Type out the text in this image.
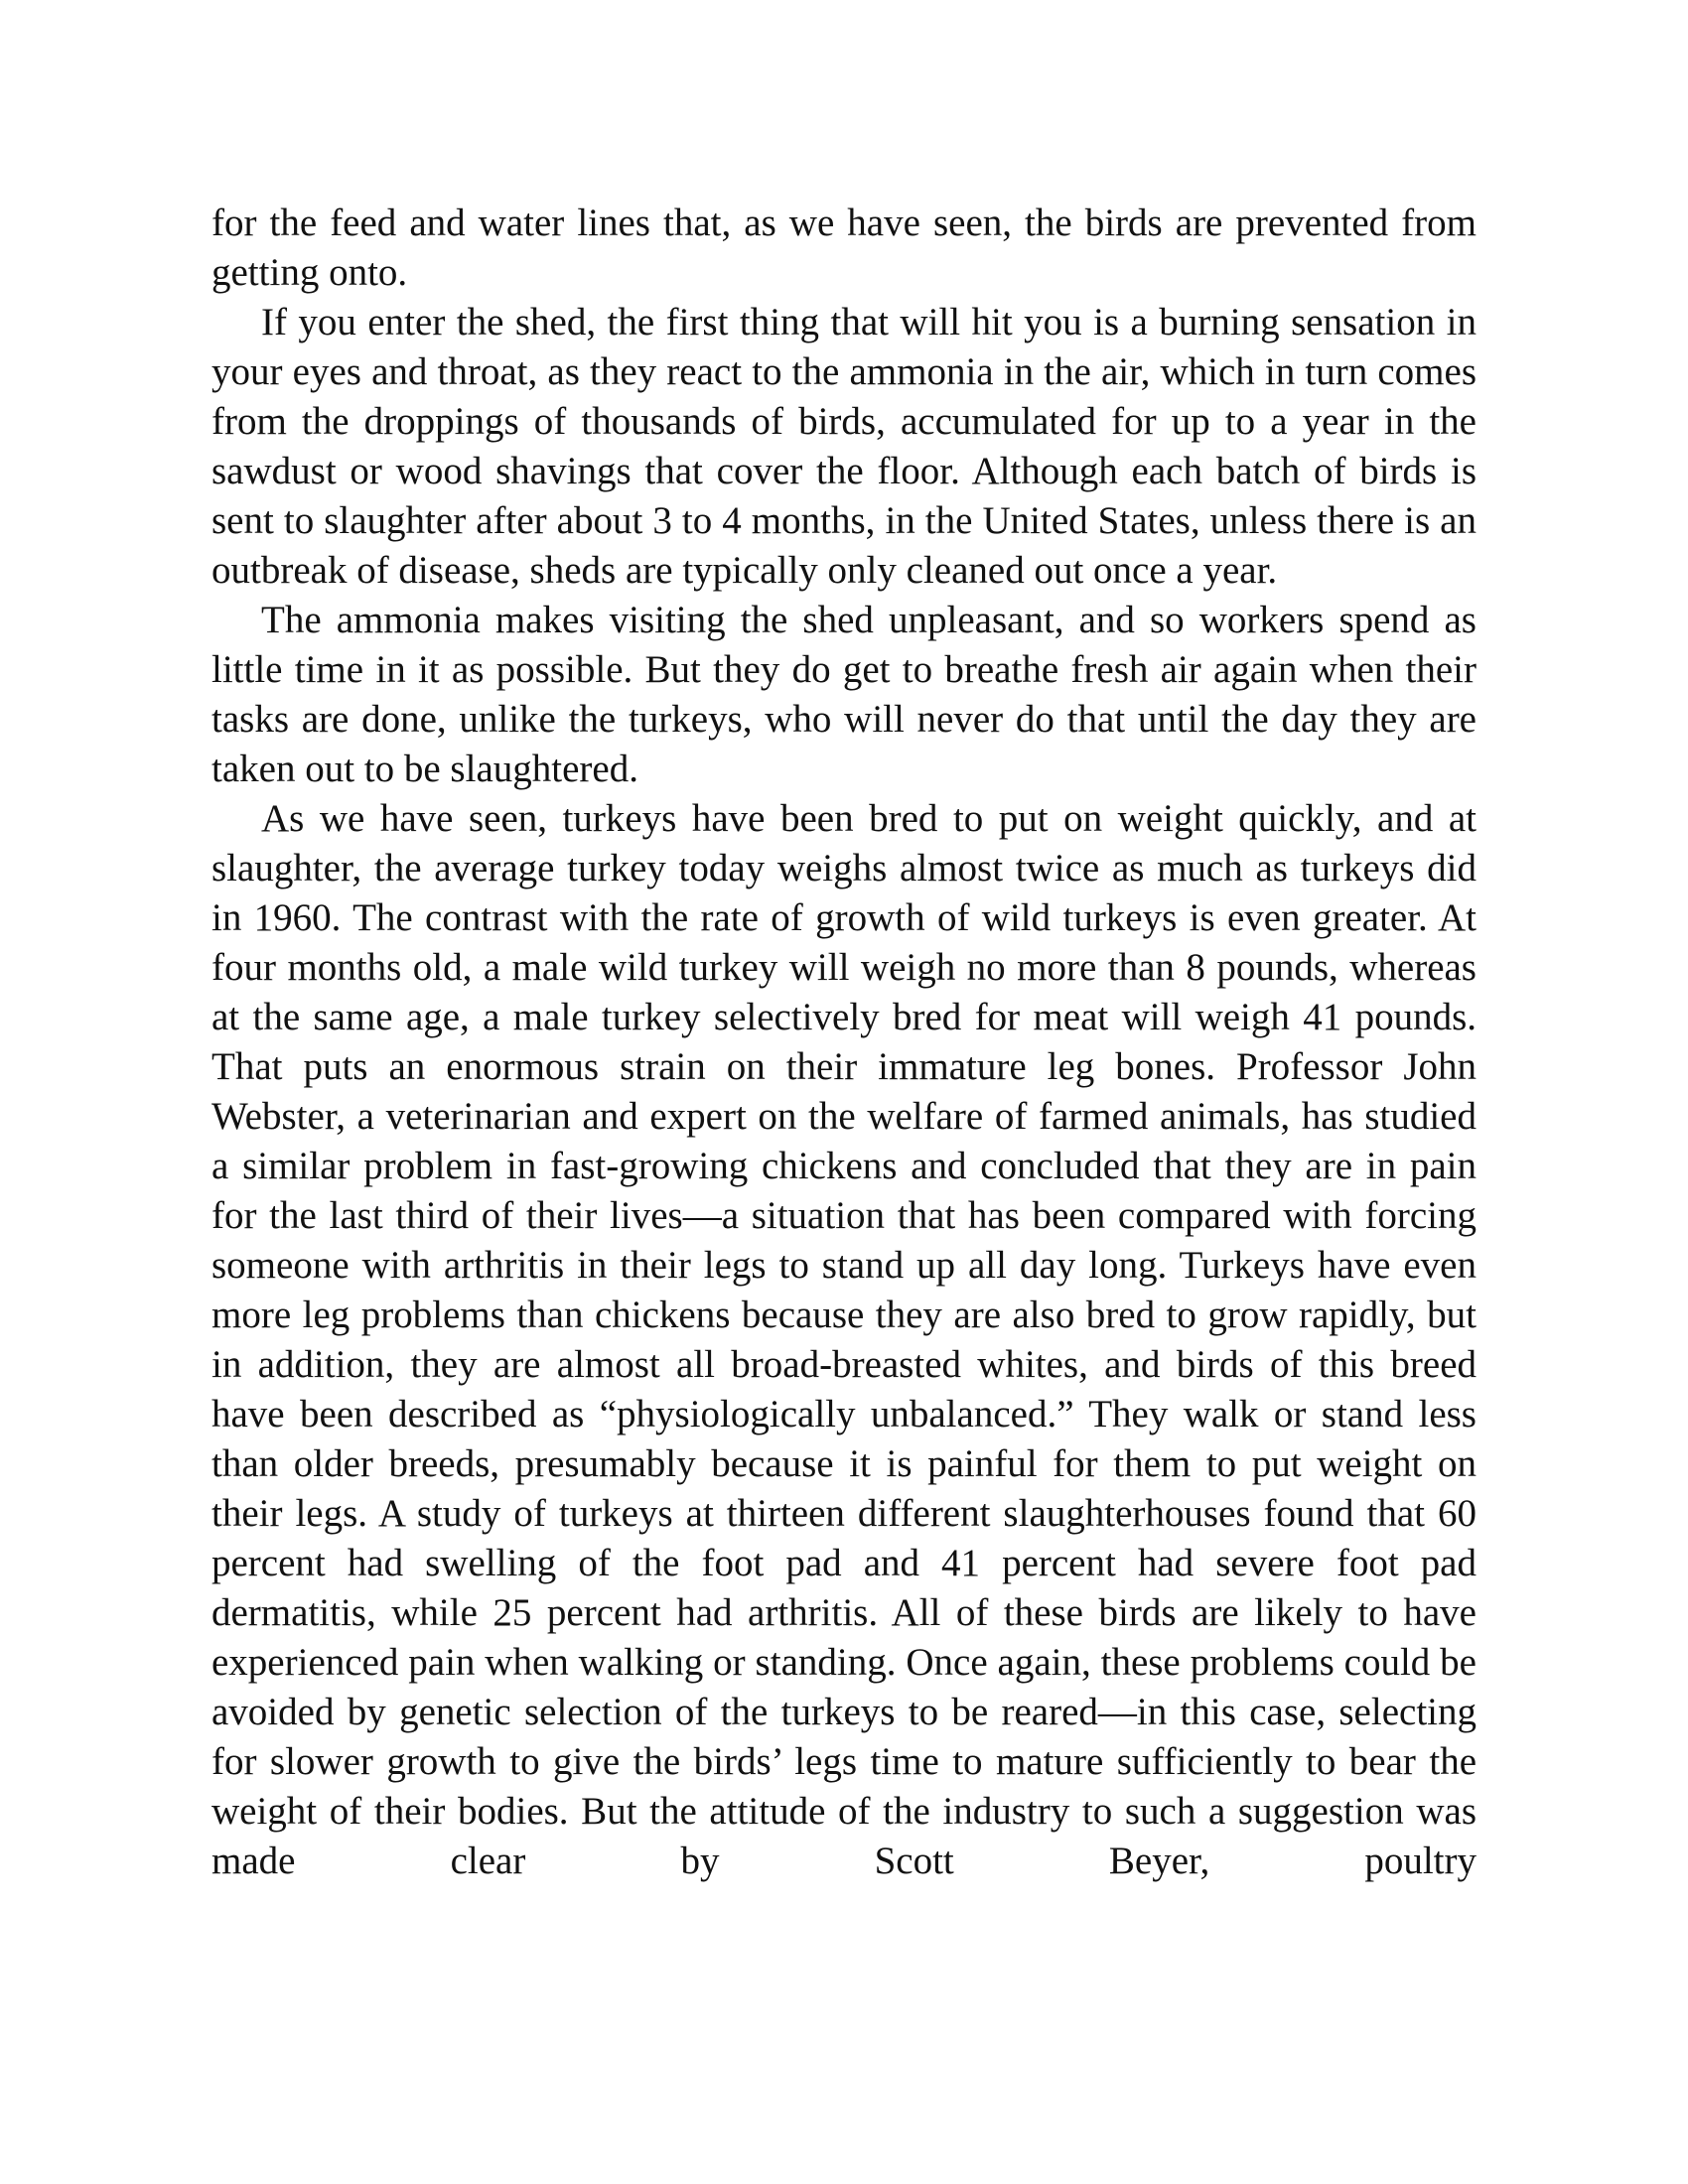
for the feed and water lines that, as we have seen, the birds are prevented from getting onto.

If you enter the shed, the first thing that will hit you is a burning sensation in your eyes and throat, as they react to the ammonia in the air, which in turn comes from the droppings of thousands of birds, accumulated for up to a year in the sawdust or wood shavings that cover the floor. Although each batch of birds is sent to slaughter after about 3 to 4 months, in the United States, unless there is an outbreak of disease, sheds are typically only cleaned out once a year.

The ammonia makes visiting the shed unpleasant, and so workers spend as little time in it as possible. But they do get to breathe fresh air again when their tasks are done, unlike the turkeys, who will never do that until the day they are taken out to be slaughtered.

As we have seen, turkeys have been bred to put on weight quickly, and at slaughter, the average turkey today weighs almost twice as much as turkeys did in 1960. The contrast with the rate of growth of wild turkeys is even greater. At four months old, a male wild turkey will weigh no more than 8 pounds, whereas at the same age, a male turkey selectively bred for meat will weigh 41 pounds. That puts an enormous strain on their immature leg bones. Professor John Webster, a veterinarian and expert on the welfare of farmed animals, has studied a similar problem in fast-growing chickens and concluded that they are in pain for the last third of their lives—a situation that has been compared with forcing someone with arthritis in their legs to stand up all day long. Turkeys have even more leg problems than chickens because they are also bred to grow rapidly, but in addition, they are almost all broad-breasted whites, and birds of this breed have been described as “physiologically unbalanced.” They walk or stand less than older breeds, presumably because it is painful for them to put weight on their legs. A study of turkeys at thirteen different slaughterhouses found that 60 percent had swelling of the foot pad and 41 percent had severe foot pad dermatitis, while 25 percent had arthritis. All of these birds are likely to have experienced pain when walking or standing. Once again, these problems could be avoided by genetic selection of the turkeys to be reared—in this case, selecting for slower growth to give the birds’ legs time to mature sufficiently to bear the weight of their bodies. But the attitude of the industry to such a suggestion was made clear by Scott Beyer, poultry
